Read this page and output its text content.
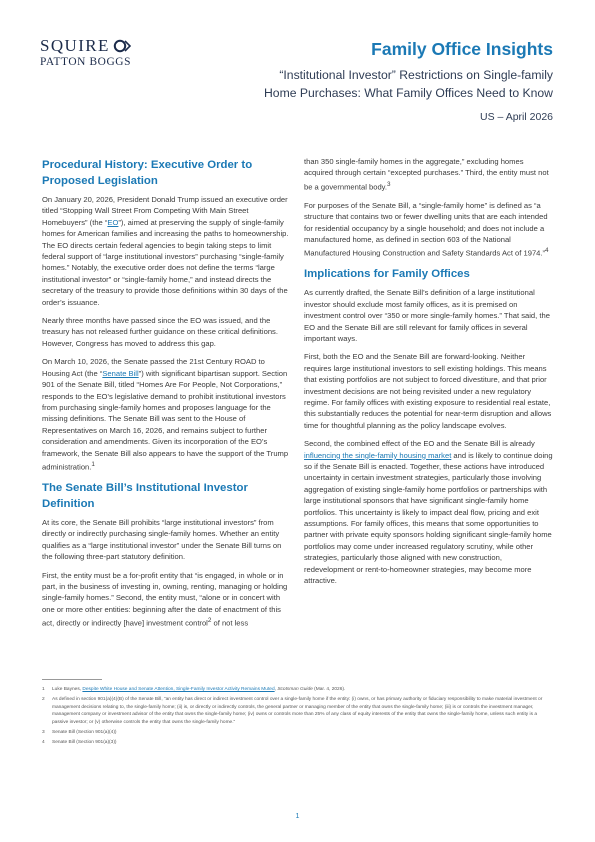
SQUIRE
PATTON BOGGS
Family Office Insights
“Institutional Investor” Restrictions on Single-family
Home Purchases: What Family Offices Need to Know
US – April 2026
Procedural History: Executive Order to Proposed Legislation

On January 20, 2026, President Donald Trump issued an executive order titled “Stopping Wall Street From Competing With Main Street Homebuyers” (the “EO”), aimed at preserving the supply of single-family homes for American families and increasing the paths to homeownership. The EO directs certain federal agencies to begin taking steps to limit federal support of “large institutional investors” purchasing “single-family homes.” Notably, the executive order does not define the terms “large institutional investor” or “single-family home,” and instead directs the secretary of the treasury to provide those definitions within 30 days of the order’s issuance.

Nearly three months have passed since the EO was issued, and the treasury has not released further guidance on these critical definitions. However, Congress has moved to address this gap.

On March 10, 2026, the Senate passed the 21st Century ROAD to Housing Act (the “Senate Bill”) with significant bipartisan support. Section 901 of the Senate Bill, titled “Homes Are For People, Not Corporations,” responds to the EO’s legislative demand to prohibit institutional investors from purchasing single-family homes and proposes language for the missing definitions. The Senate Bill was sent to the House of Representatives on March 16, 2026, and remains subject to further consideration and amendments. Given its incorporation of the EO’s framework, the Senate Bill also appears to have the support of the Trump administration.$^1$

The Senate Bill’s Institutional Investor Definition

At its core, the Senate Bill prohibits “large institutional investors” from directly or indirectly purchasing single-family homes. Whether an entity qualifies as a “large institutional investor” under the Senate Bill turns on the following three-part statutory definition.

First, the entity must be a for-profit entity that “is engaged, in whole or in part, in the business of investing in, owning, renting, managing or holding single-family homes.” Second, the entity must, “alone or in concert with one or more other entities: beginning after the date of enactment of this act, directly or indirectly [have] investment control$^2$ of not less

than 350 single-family homes in the aggregate,” excluding homes acquired through certain “excepted purchases.” Third, the entity must not be a governmental body.$^3$

For purposes of the Senate Bill, a “single-family home” is defined as “a structure that contains two or fewer dwelling units that are each intended for residential occupancy by a single household; and does not include a manufactured home, as defined in section 603 of the National Manufactured Housing Construction and Safety Standards Act of 1974.”$^4$

Implications for Family Offices

As currently drafted, the Senate Bill’s definition of a large institutional investor should exclude most family offices, as it is premised on investment control over “350 or more single-family homes.” That said, the EO and the Senate Bill are still relevant for family offices in several important ways.

First, both the EO and the Senate Bill are forward-looking. Neither requires large institutional investors to sell existing holdings. This means that existing portfolios are not subject to forced divestiture, and that prior investment decisions are not being revisited under a new regulatory regime. For family offices with existing exposure to residential real estate, this substantially reduces the potential for near-term disruption and allows time for thoughtful planning as the policy landscape evolves.

Second, the combined effect of the EO and the Senate Bill is already influencing the single-family housing market and is likely to continue doing so if the Senate Bill is enacted. Together, these actions have introduced uncertainty in certain investment strategies, particularly those involving aggregation of existing single-family home portfolios or partnerships with large institutional sponsors that have significant single-family home portfolios. This uncertainty is likely to impact deal flow, pricing and exit assumptions. For family offices, this means that some opportunities to partner with private equity sponsors holding significant single-family home portfolios may come under increased regulatory scrutiny, while other strategies, particularly those aligned with new construction, redevelopment or rent-to-homeowner strategies, may become more attractive.

1	Luke Baynes, Despite White House and Senate Attention, Single-Family Investor Activity Remains Muted, Scotsman Guide (Mar. 4, 2026).
2	As defined in section 901(a)(4)(B) of the Senate Bill, “an entity has direct or indirect investment control over a single-family home if the entity: (i) owns, or has primary authority or fiduciary responsibility to make material investment or management decisions relating to, the single-family home; (ii) is, or directly or indirectly controls, the general partner or managing member of the entity that owns the single-family home; (iii) is or controls the investment manager, management company or investment advisor of the entity that owns the single-family home; (iv) owns or controls more than 25% of any class of equity interests of the entity that owns the single-family home, unless such entity is a passive investor; or (v) otherwise controls the entity that owns the single-family home.”
3	Senate Bill (Section 901(a)(4))
4	Senate Bill (Section 901(a)(3))
1
